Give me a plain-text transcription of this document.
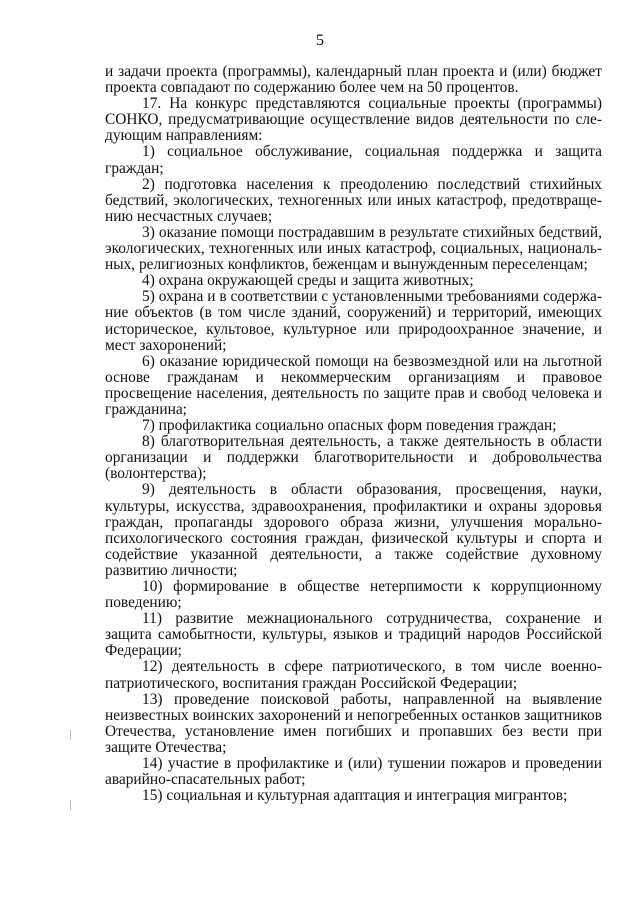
5

и задачи проекта (программы), календарный план проекта и (или) бюджет проекта совпадают по содержанию более чем на 50 процентов.

17. На конкурс представляются социальные проекты (программы) СОНКО, предусматривающие осуществление видов деятельности по следующим направлениям:

1) социальное обслуживание, социальная поддержка и защита граждан;

2) подготовка населения к преодолению последствий стихийных бедствий, экологических, техногенных или иных катастроф, предотвращению несчастных случаев;

3) оказание помощи пострадавшим в результате стихийных бедствий, экологических, техногенных или иных катастроф, социальных, национальных, религиозных конфликтов, беженцам и вынужденным переселенцам;

4) охрана окружающей среды и защита животных;

5) охрана и в соответствии с установленными требованиями содержание объектов (в том числе зданий, сооружений) и территорий, имеющих историческое, культовое, культурное или природоохранное значение, и мест захоронений;

6) оказание юридической помощи на безвозмездной или на льготной основе гражданам и некоммерческим организациям и правовое просвещение населения, деятельность по защите прав и свобод человека и гражданина;

7) профилактика социально опасных форм поведения граждан;

8) благотворительная деятельность, а также деятельность в области организации и поддержки благотворительности и добровольчества (волонтерства);

9) деятельность в области образования, просвещения, науки, культуры, искусства, здравоохранения, профилактики и охраны здоровья граждан, пропаганды здорового образа жизни, улучшения морально-психологического состояния граждан, физической культуры и спорта и содействие указанной деятельности, а также содействие духовному развитию личности;

10) формирование в обществе нетерпимости к коррупционному поведению;

11) развитие межнационального сотрудничества, сохранение и защита самобытности, культуры, языков и традиций народов Российской Федерации;

12) деятельность в сфере патриотического, в том числе военно-патриотического, воспитания граждан Российской Федерации;

13) проведение поисковой работы, направленной на выявление неизвестных воинских захоронений и непогребенных останков защитников Отечества, установление имен погибших и пропавших без вести при защите Отечества;

14) участие в профилактике и (или) тушении пожаров и проведении аварийно-спасательных работ;

15) социальная и культурная адаптация и интеграция мигрантов;
